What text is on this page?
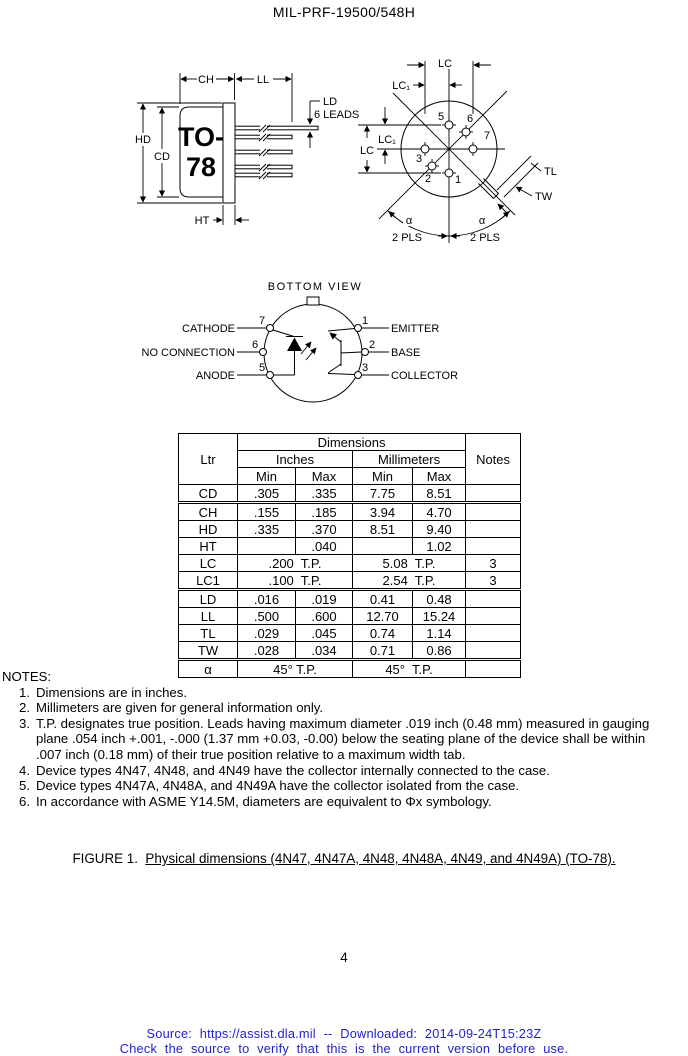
MIL-PRF-19500/548H
TO-
78
CH	LL
LD
6 LEADS
HD
CD
HT
5 6
7
3
2 1
LC
LC₁
LC₁
LC
TL
TW
α
2 PLS
α
2 PLS
BOTTOM VIEW
7
6
5
1
2
3
CATHODE
NO CONNECTION
ANODE
EMITTER
BASE
COLLECTOR
Ltr	Dimensions				Notes
	Inches		Millimeters		
	Min	Max	Min	Max	
CD	.305	.335	7.75	8.51	
CH	.155	.185	3.94	4.70	
HD	.335	.370	8.51	9.40	
HT		.040		1.02	
LC	.200  T.P.		5.08  T.P.		3
LC1	.100  T.P.		2.54  T.P.		3
LD	.016	.019	0.41	0.48	
LL	.500	.600	12.70	15.24	
TL	.029	.045	0.74	1.14	
TW	.028	.034	0.71	0.86	
α	45° T.P.		45°  T.P.		
NOTES:
1. Dimensions are in inches.
2. Millimeters are given for general information only.
3. T.P. designates true position. Leads having maximum diameter .019 inch (0.48 mm) measured in gauging plane .054 inch +.001, -.000 (1.37 mm +0.03, -0.00) below the seating plane of the device shall be within .007 inch (0.18 mm) of their true position relative to a maximum width tab.
4. Device types 4N47, 4N48, and 4N49 have the collector internally connected to the case.
5. Device types 4N47A, 4N48A, and 4N49A have the collector isolated from the case.
6. In accordance with ASME Y14.5M, diameters are equivalent to Φx symbology.
FIGURE 1. Physical dimensions (4N47, 4N47A, 4N48, 4N48A, 4N49, and 4N49A) (TO-78).
4
Source: https://assist.dla.mil -- Downloaded: 2014-09-24T15:23Z
Check the source to verify that this is the current version before use.
